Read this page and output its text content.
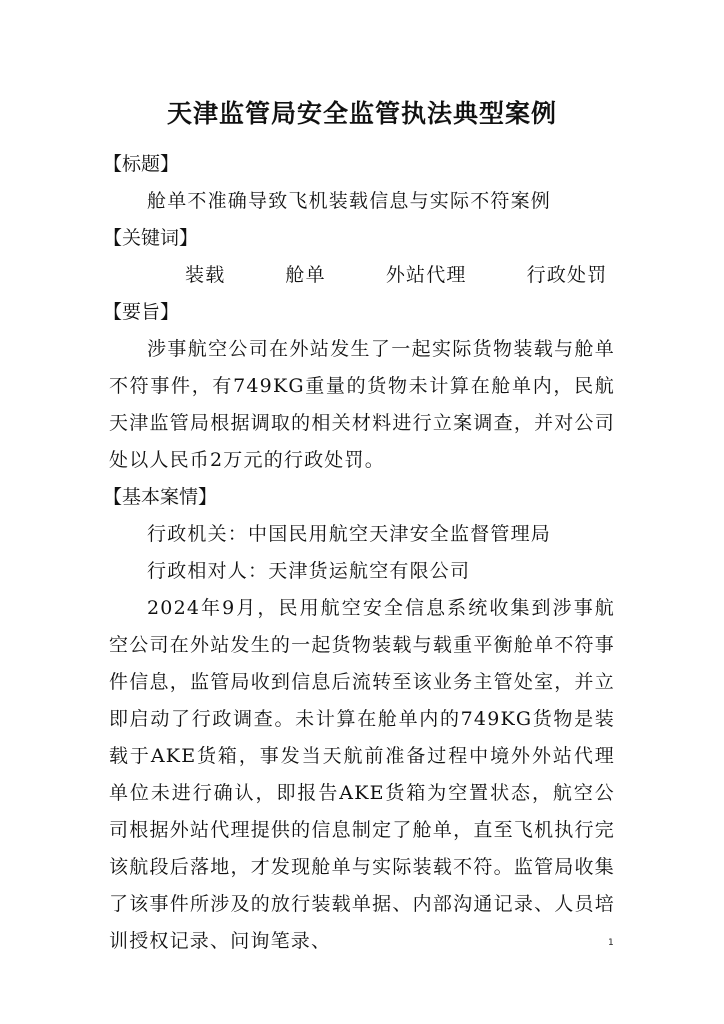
天津监管局安全监管执法典型案例

【标题】

舱单不准确导致飞机装载信息与实际不符案例

【关键词】

装载	舱单	外站代理	行政处罚

【要旨】

涉事航空公司在外站发生了一起实际货物装载与舱单不符事件，有749KG重量的货物未计算在舱单内，民航天津监管局根据调取的相关材料进行立案调查，并对公司处以人民币2万元的行政处罚。

【基本案情】

行政机关：中国民用航空天津安全监督管理局

行政相对人：天津货运航空有限公司

2024年9月，民用航空安全信息系统收集到涉事航空公司在外站发生的一起货物装载与载重平衡舱单不符事件信息，监管局收到信息后流转至该业务主管处室，并立即启动了行政调查。未计算在舱单内的749KG货物是装载于AKE货箱，事发当天航前准备过程中境外外站代理单位未进行确认，即报告AKE货箱为空置状态，航空公司根据外站代理提供的信息制定了舱单，直至飞机执行完该航段后落地，才发现舱单与实际装载不符。监管局收集了该事件所涉及的放行装载单据、内部沟通记录、人员培训授权记录、问询笔录、	1
